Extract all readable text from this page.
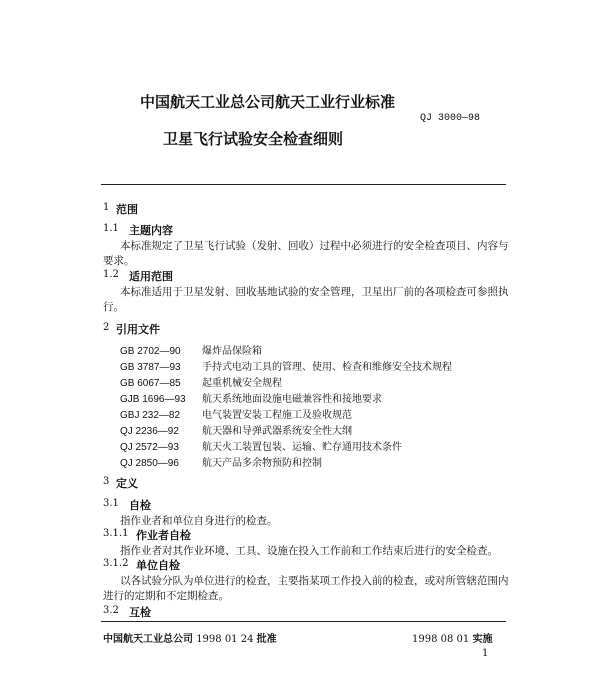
中国航天工业总公司航天工业行业标准
QJ 3000—98
卫星飞行试验安全检查细则
1 范围
1.1 主题内容
本标准规定了卫星飞行试验（发射、回收）过程中必须进行的安全检查项目、内容与
要求。
1.2 适用范围
本标准适用于卫星发射、回收基地试验的安全管理，卫星出厂前的各项检查可参照执
行。
2 引用文件
GB 2702—90 爆炸品保险箱
GB 3787—93 手持式电动工具的管理、使用、检查和维修安全技术规程
GB 6067—85 起重机械安全规程
GJB 1696—93 航天系统地面设施电磁兼容性和接地要求
GBJ 232—82 电气装置安装工程施工及验收规范
QJ 2236—92 航天器和导弹武器系统安全性大纲
QJ 2572—93 航天火工装置包装、运输、贮存通用技术条件
QJ 2850—96 航天产品多余物预防和控制
3 定义
3.1 自检
指作业者和单位自身进行的检查。
3.1.1 作业者自检
指作业者对其作业环境、工具、设施在投入工作前和工作结束后进行的安全检查。
3.1.2 单位自检
以各试验分队为单位进行的检查，主要指某项工作投入前的检查，或对所管辖范围内
进行的定期和不定期检查。
3.2 互检
中国航天工业总公司 1998 01 24 批准	1998 08 01 实施
1
